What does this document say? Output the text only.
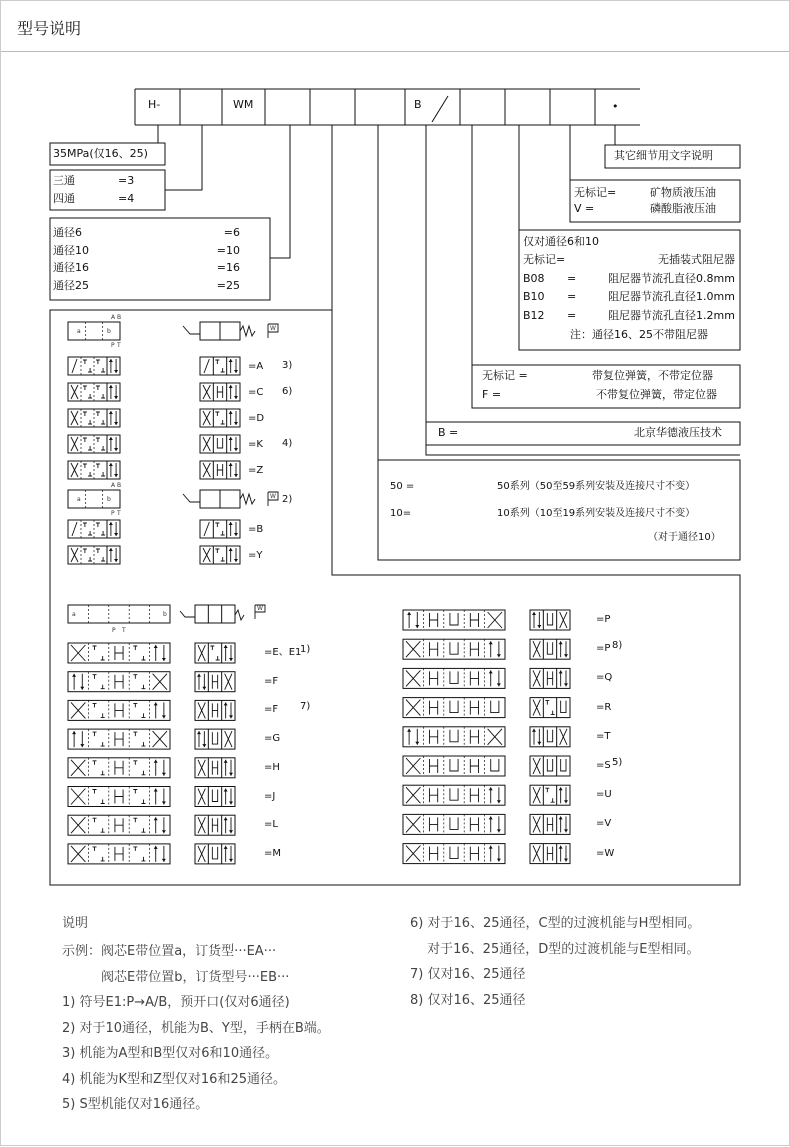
型号说明
H-	WM	B	•
35MPa(仅16、25)
三通	=3
四通	=4
其它细节用文字说明
无标记=	矿物质液压油
V =	磷酸脂液压油
仅对通径6和10
注：通径16、25不带阻尼器
无标记 =	带复位弹簧，不带定位器
F =	不带复位弹簧，带定位器
B =	北京华德液压技术
50 =	50系列（50至59系列安装及连接尺寸不变）
10=	10系列（10至19系列安装及连接尺寸不变）
（对于通径10）
说明
通径6	=6
通径10	=10
通径16	=16
通径25	=25
无标记=	无插装式阻尼器
B08 =	阻尼器节流孔直径0.8mm
B10 =	阻尼器节流孔直径1.0mm
B12 =	阻尼器节流孔直径1.2mm
示例：阀芯E带位置a，订货型···EA···
　　　阀芯E带位置b，订货型号···EB···
1) 符号E1:P→A/B，预开口(仅对6通径)
2) 对于10通径，机能为B、Y型，手柄在B端。
3) 机能为A型和B型仅对6和10通径。
4) 机能为K型和Z型仅对16和25通径。
5) S型机能仅对16通径。
6) 对于16、25通径，C型的过渡机能与H型相同。
　 对于16、25通径，D型的过渡机能与E型相同。
7) 仅对16、25通径
8) 仅对16、25通径
A B
P T
a	b	W
=A 3)
=C 6)
=D
=K 4)
=Z
A B
P T
a	b	W 2)
=B
=Y
a	b
P T
W
=E、E1
1)
=F
=F 7)
=G
=H
=J
=L
=M
=P
=P 8)
=Q
=R
=T
=S 5)
=U
=V
=W
